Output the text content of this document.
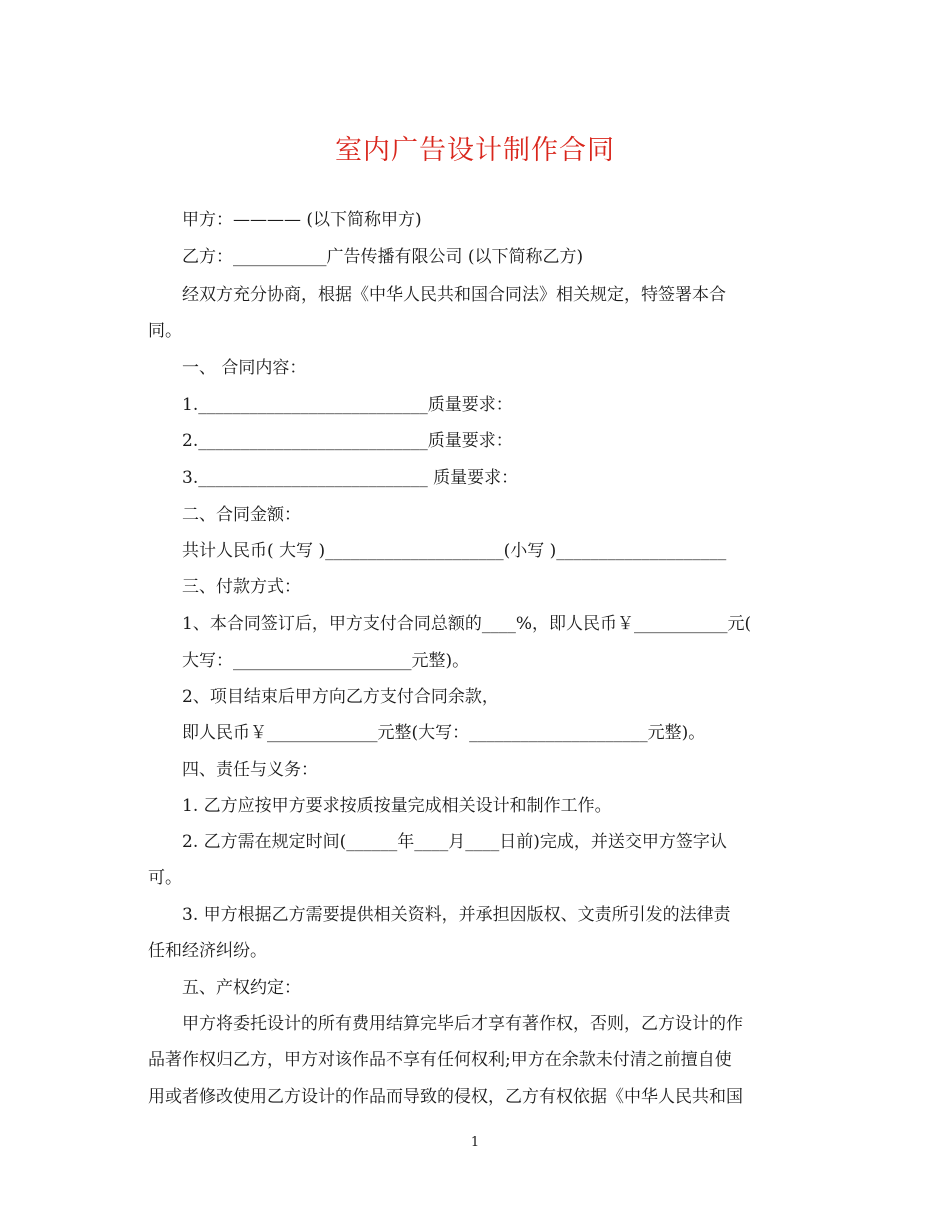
室内广告设计制作合同
甲方：———— (以下简称甲方)
乙方：___________广告传播有限公司 (以下简称乙方)
经双方充分协商，根据《中华人民共和国合同法》相关规定，特签署本合
同。
一、 合同内容：
1.___________________________质量要求：
2.___________________________质量要求：
3.___________________________ 质量要求：
二、合同金额：
共计人民币( 大写 )_____________________(小写 )____________________
三、付款方式：
1、本合同签订后，甲方支付合同总额的____%，即人民币￥___________元(
大写：_____________________元整)。
2、项目结束后甲方向乙方支付合同余款，
即人民币￥_____________元整(大写：_____________________元整)。
四、责任与义务：
1. 乙方应按甲方要求按质按量完成相关设计和制作工作。
2. 乙方需在规定时间(______年____月____日前)完成，并送交甲方签字认
可。
3. 甲方根据乙方需要提供相关资料，并承担因版权、文责所引发的法律责
任和经济纠纷。
五、产权约定：
甲方将委托设计的所有费用结算完毕后才享有著作权，否则，乙方设计的作
品著作权归乙方，甲方对该作品不享有任何权利;甲方在余款未付清之前擅自使
用或者修改使用乙方设计的作品而导致的侵权，乙方有权依据《中华人民共和国
1
